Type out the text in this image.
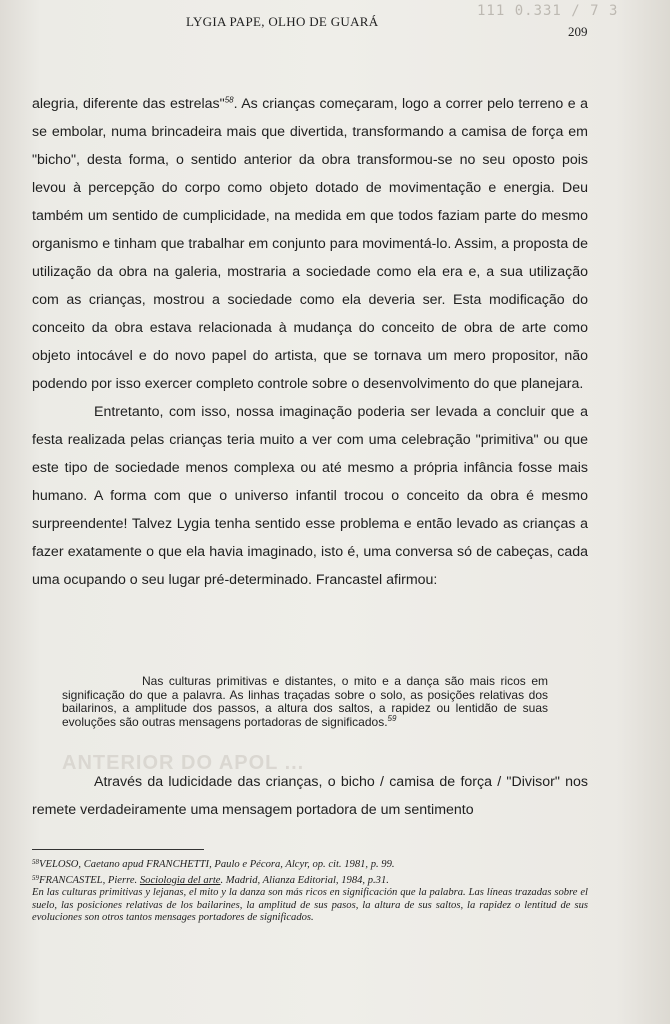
LYGIA PAPE, OLHO DE GUARÁ
111 0.331 / 7 3
209

alegria, diferente das estrelas"$^{58}$. As crianças começaram, logo a correr pelo terreno e a se embolar, numa brincadeira mais que divertida, transformando a camisa de força em "bicho", desta forma, o sentido anterior da obra transformou-se no seu oposto pois levou à percepção do corpo como objeto dotado de movimentação e energia. Deu também um sentido de cumplicidade, na medida em que todos faziam parte do mesmo organismo e tinham que trabalhar em conjunto para movimentá-lo. Assim, a proposta de utilização da obra na galeria, mostraria a sociedade como ela era e, a sua utilização com as crianças, mostrou a sociedade como ela deveria ser. Esta modificação do conceito da obra estava relacionada à mudança do conceito de obra de arte como objeto intocável e do novo papel do artista, que se tornava um mero propositor, não podendo por isso exercer completo controle sobre o desenvolvimento do que planejara.

Entretanto, com isso, nossa imaginação poderia ser levada a concluir que a festa realizada pelas crianças teria muito a ver com uma celebração "primitiva" ou que este tipo de sociedade menos complexa ou até mesmo a própria infância fosse mais humano. A forma com que o universo infantil trocou o conceito da obra é mesmo surpreendente! Talvez Lygia tenha sentido esse problema e então levado as crianças a fazer exatamente o que ela havia imaginado, isto é, uma conversa só de cabeças, cada uma ocupando o seu lugar pré-determinado. Francastel afirmou:

Nas culturas primitivas e distantes, o mito e a dança são mais ricos em significação do que a palavra. As linhas traçadas sobre o solo, as posições relativas dos bailarinos, a amplitude dos passos, a altura dos saltos, a rapidez ou lentidão de suas evoluções são outras mensagens portadoras de significados.$^{59}$

ANTERIOR DO APOL ...

Através da ludicidade das crianças, o bicho / camisa de força / "Divisor" nos remete verdadeiramente uma mensagem portadora de um sentimento

$^{58}$VELOSO, Caetano apud FRANCHETTI, Paulo e Pécora, Alcyr, op. cit. 1981, p. 99.

$^{59}$FRANCASTEL, Pierre. Sociologia del arte. Madrid, Alianza Editorial, 1984, p.31.

En las culturas primitivas y lejanas, el mito y la danza son más ricos en significación que la palabra. Las líneas trazadas sobre el suelo, las posiciones relativas de los bailarines, la amplitud de sus pasos, la altura de sus saltos, la rapidez o lentitud de sus evoluciones son otros tantos mensages portadores de significados.
